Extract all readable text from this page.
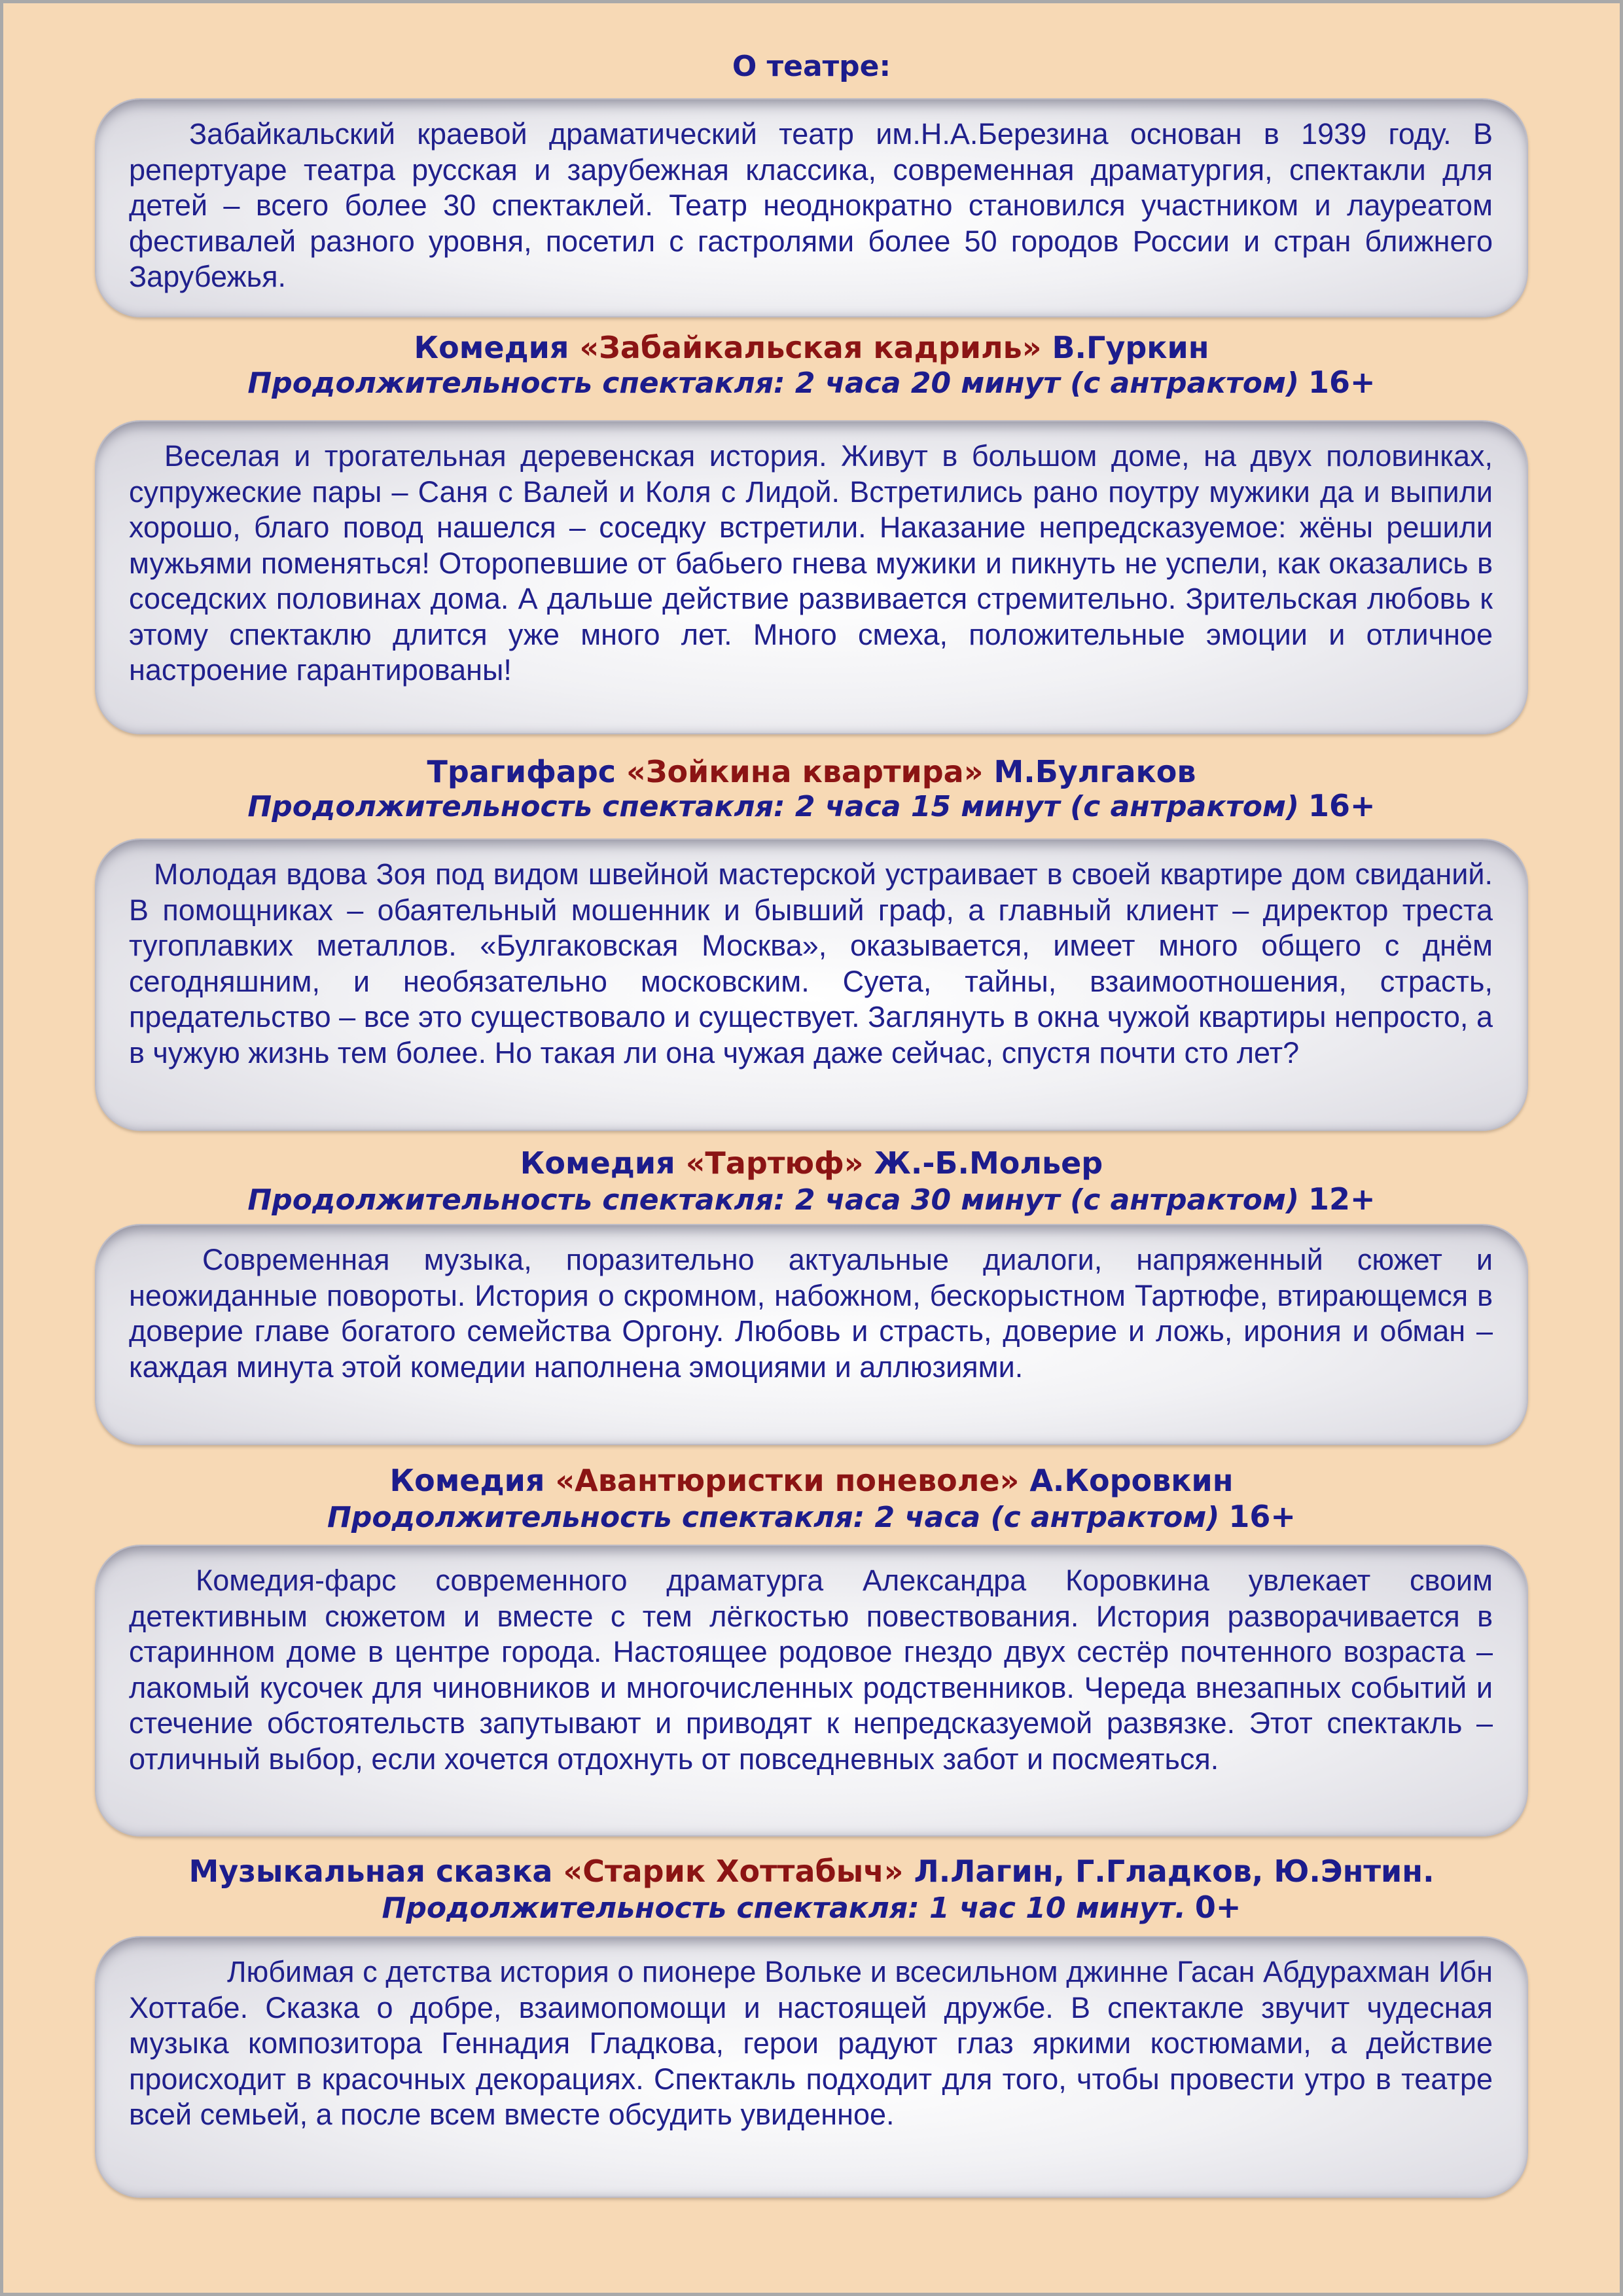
О театре:

Забайкальский краевой драматический театр им.Н.А.Березина основан в 1939 году. В репертуаре театра русская и зарубежная классика, современная драматургия, спектакли для детей – всего более 30 спектаклей. Театр неоднократно становился участником и лауреатом фестивалей разного уровня, посетил с гастролями более 50 городов России и стран ближнего Зарубежья.

Комедия «Забайкальская кадриль» В.Гуркин
Продолжительность спектакля: 2 часа 20 минут (с антрактом) 16+

Веселая и трогательная деревенская история. Живут в большом доме, на двух половинках, супружеские пары – Саня с Валей и Коля с Лидой. Встретились рано поутру мужики да и выпили хорошо, благо повод нашелся – соседку встретили. Наказание непредсказуемое: жёны решили мужьями поменяться! Оторопевшие от бабьего гнева мужики и пикнуть не успели, как оказались в соседских половинах дома. А дальше действие развивается стремительно. Зрительская любовь к этому спектаклю длится уже много лет. Много смеха, положительные эмоции и отличное настроение гарантированы!

Трагифарс «Зойкина квартира» М.Булгаков
Продолжительность спектакля: 2 часа 15 минут (с антрактом) 16+

Молодая вдова Зоя под видом швейной мастерской устраивает в своей квартире дом свиданий. В помощниках – обаятельный мошенник и бывший граф, а главный клиент – директор треста тугоплавких металлов. «Булгаковская Москва», оказывается, имеет много общего с днём сегодняшним, и необязательно московским. Суета, тайны, взаимоотношения, страсть, предательство – все это существовало и существует. Заглянуть в окна чужой квартиры непросто, а в чужую жизнь тем более. Но такая ли она чужая даже сейчас, спустя почти сто лет?

Комедия «Тартюф» Ж.-Б.Мольер
Продолжительность спектакля: 2 часа 30 минут (с антрактом) 12+

Современная музыка, поразительно актуальные диалоги, напряженный сюжет и неожиданные повороты. История о скромном, набожном, бескорыстном Тартюфе, втирающемся в доверие главе богатого семейства Оргону. Любовь и страсть, доверие и ложь, ирония и обман – каждая минута этой комедии наполнена эмоциями и аллюзиями.

Комедия «Авантюристки поневоле» А.Коровкин
Продолжительность спектакля: 2 часа (с антрактом) 16+

Комедия-фарс современного драматурга Александра Коровкина увлекает своим детективным сюжетом и вместе с тем лёгкостью повествования. История разворачивается в старинном доме в центре города. Настоящее родовое гнездо двух сестёр почтенного возраста – лакомый кусочек для чиновников и многочисленных родственников. Череда внезапных событий и стечение обстоятельств запутывают и приводят к непредсказуемой развязке. Этот спектакль – отличный выбор, если хочется отдохнуть от повседневных забот и посмеяться.

Музыкальная сказка «Старик Хоттабыч» Л.Лагин, Г.Гладков, Ю.Энтин.
Продолжительность спектакля: 1 час 10 минут. 0+

Любимая с детства история о пионере Вольке и всесильном джинне Гасан Абдурахман Ибн Хоттабе. Сказка о добре, взаимопомощи и настоящей дружбе. В спектакле звучит чудесная музыка композитора Геннадия Гладкова, герои радуют глаз яркими костюмами, а действие происходит в красочных декорациях. Спектакль подходит для того, чтобы провести утро в театре всей семьей, а после всем вместе обсудить увиденное.
